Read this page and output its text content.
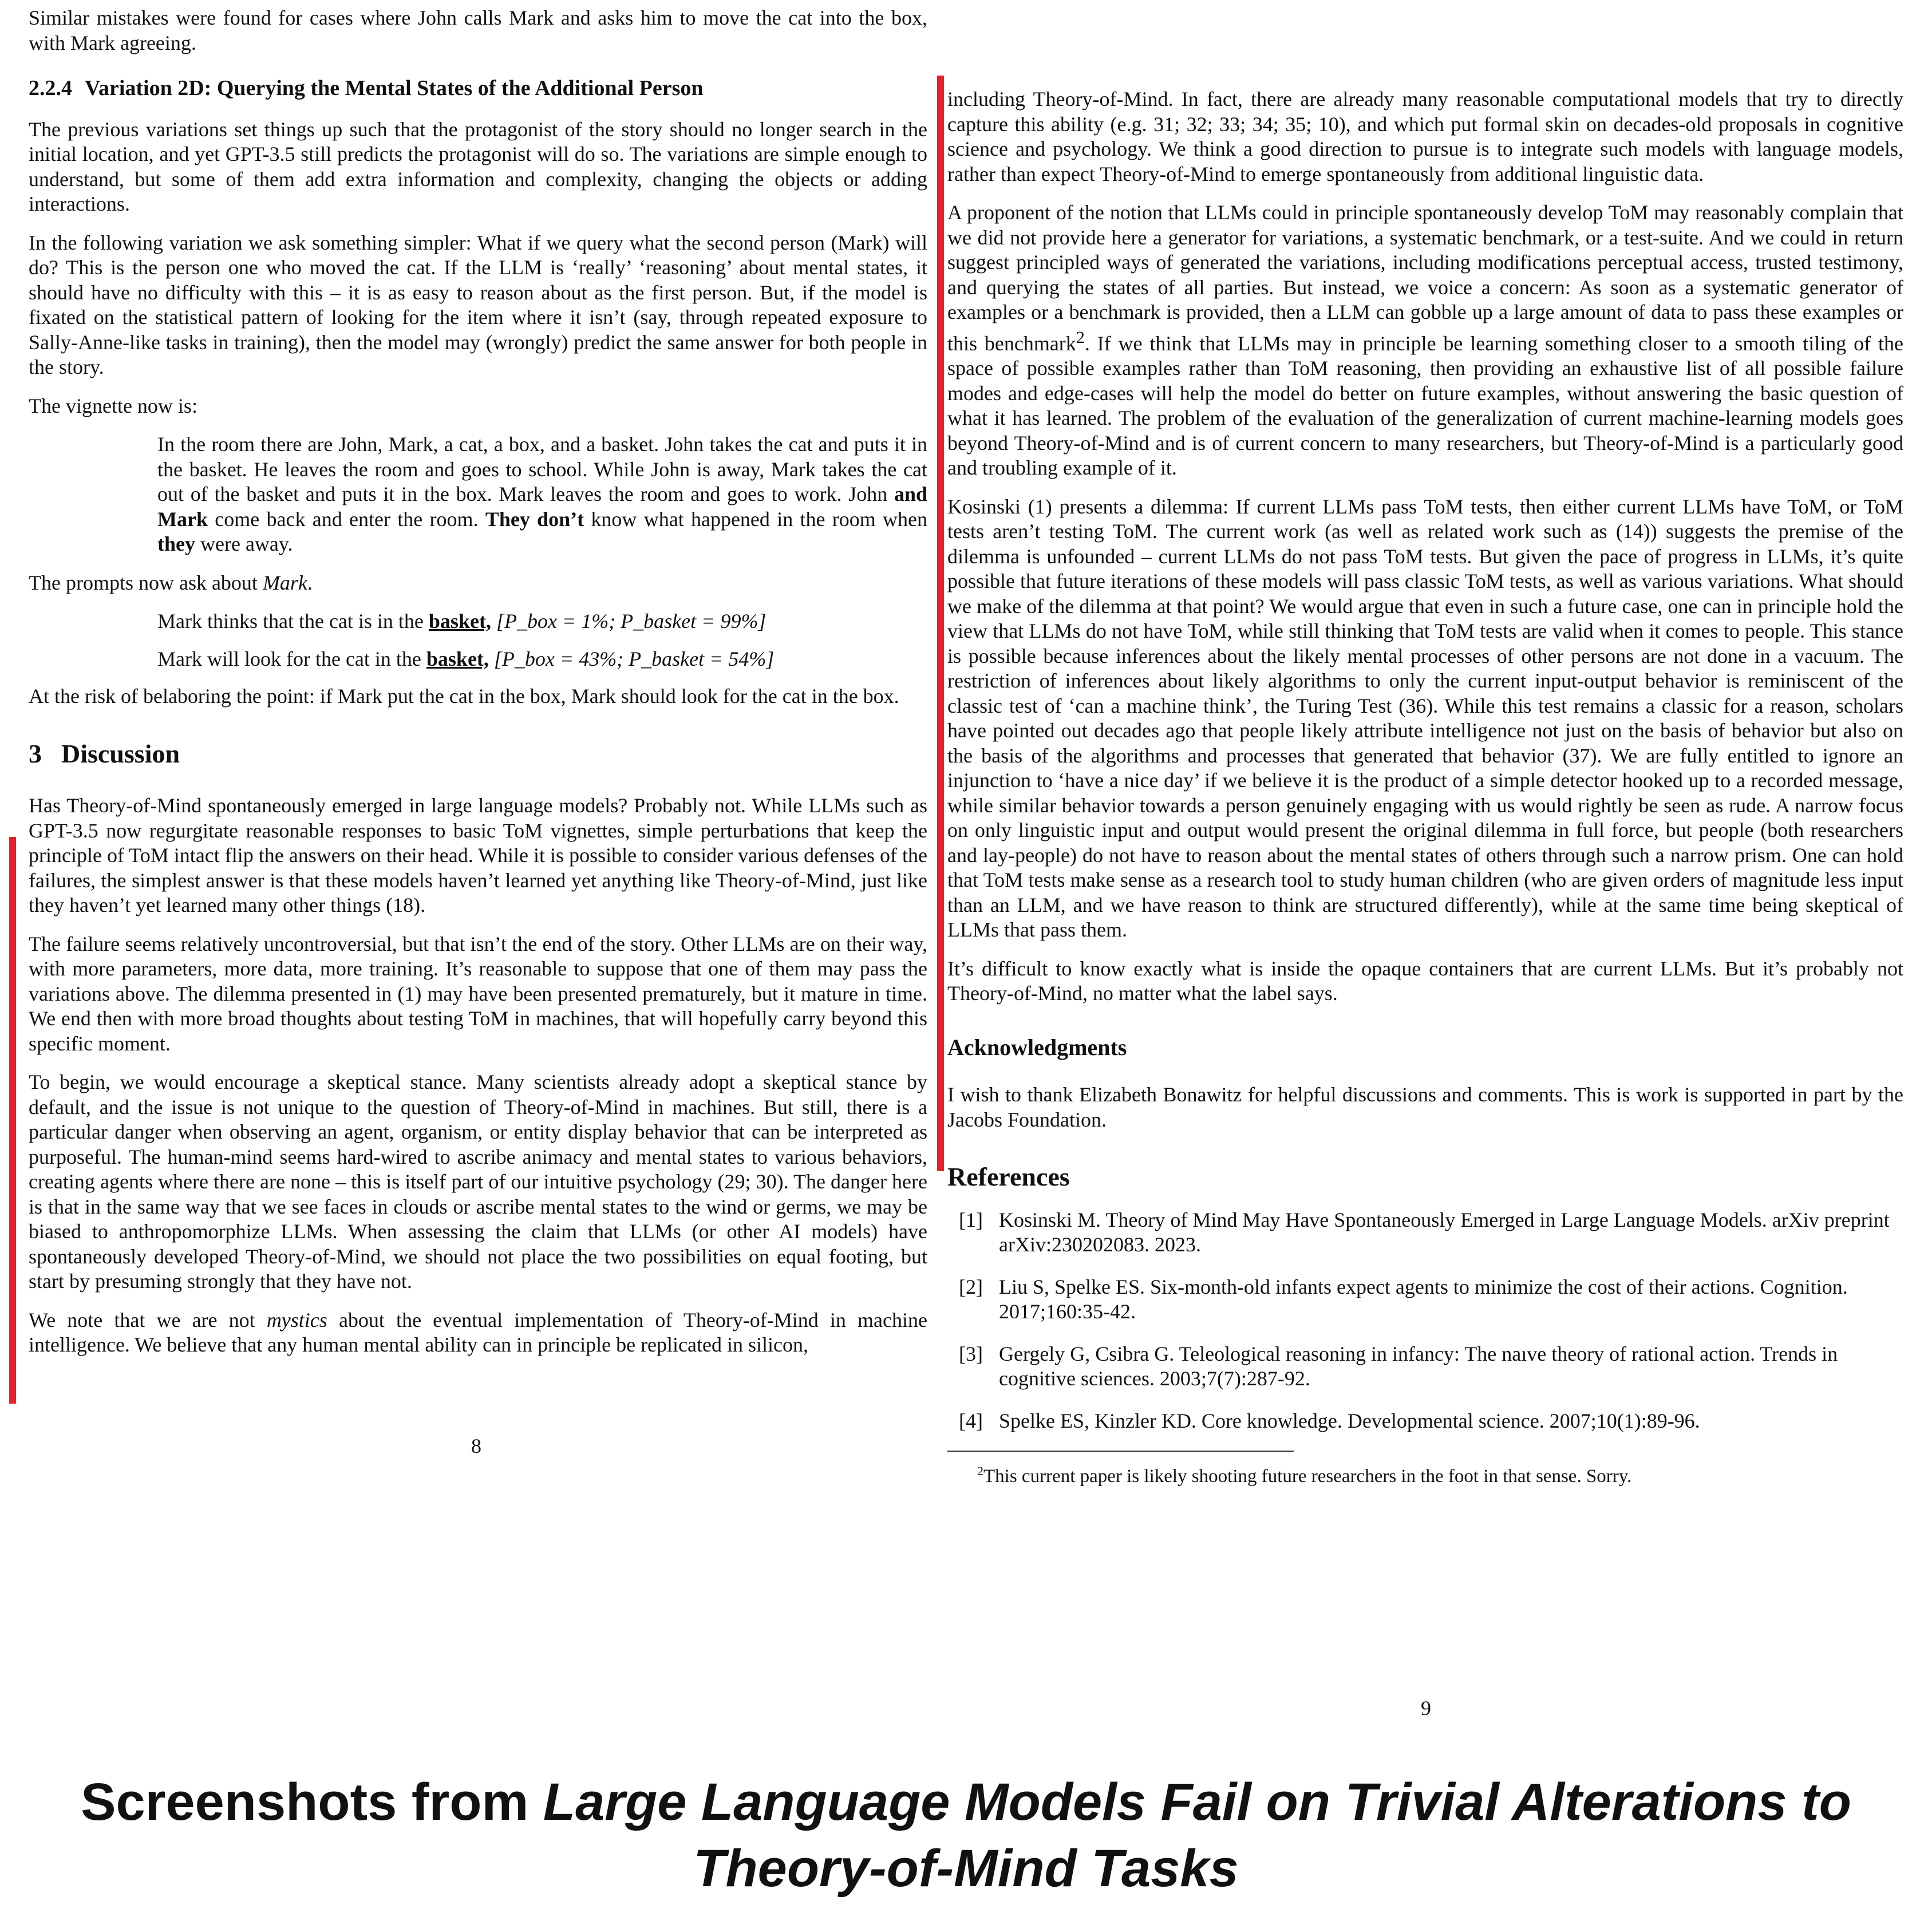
Similar mistakes were found for cases where John calls Mark and asks him to move the cat into the box, with Mark agreeing.

2.2.4 Variation 2D: Querying the Mental States of the Additional Person

The previous variations set things up such that the protagonist of the story should no longer search in the initial location, and yet GPT-3.5 still predicts the protagonist will do so. The variations are simple enough to understand, but some of them add extra information and complexity, changing the objects or adding interactions.

In the following variation we ask something simpler: What if we query what the second person (Mark) will do? This is the person one who moved the cat. If the LLM is ‘really’ ‘reasoning’ about mental states, it should have no difficulty with this – it is as easy to reason about as the first person. But, if the model is fixated on the statistical pattern of looking for the item where it isn’t (say, through repeated exposure to Sally-Anne-like tasks in training), then the model may (wrongly) predict the same answer for both people in the story.

The vignette now is:

In the room there are John, Mark, a cat, a box, and a basket. John takes the cat and puts it in the basket. He leaves the room and goes to school. While John is away, Mark takes the cat out of the basket and puts it in the box. Mark leaves the room and goes to work. John and Mark come back and enter the room. They don’t know what happened in the room when they were away.

The prompts now ask about Mark.

Mark thinks that the cat is in the basket, [P_box = 1%; P_basket = 99%]

Mark will look for the cat in the basket, [P_box = 43%; P_basket = 54%]

At the risk of belaboring the point: if Mark put the cat in the box, Mark should look for the cat in the box.

3 Discussion

Has Theory-of-Mind spontaneously emerged in large language models? Probably not. While LLMs such as GPT-3.5 now regurgitate reasonable responses to basic ToM vignettes, simple perturbations that keep the principle of ToM intact flip the answers on their head. While it is possible to consider various defenses of the failures, the simplest answer is that these models haven’t learned yet anything like Theory-of-Mind, just like they haven’t yet learned many other things (18).

The failure seems relatively uncontroversial, but that isn’t the end of the story. Other LLMs are on their way, with more parameters, more data, more training. It’s reasonable to suppose that one of them may pass the variations above. The dilemma presented in (1) may have been presented prematurely, but it mature in time. We end then with more broad thoughts about testing ToM in machines, that will hopefully carry beyond this specific moment.

To begin, we would encourage a skeptical stance. Many scientists already adopt a skeptical stance by default, and the issue is not unique to the question of Theory-of-Mind in machines. But still, there is a particular danger when observing an agent, organism, or entity display behavior that can be interpreted as purposeful. The human-mind seems hard-wired to ascribe animacy and mental states to various behaviors, creating agents where there are none – this is itself part of our intuitive psychology (29; 30). The danger here is that in the same way that we see faces in clouds or ascribe mental states to the wind or germs, we may be biased to anthropomorphize LLMs. When assessing the claim that LLMs (or other AI models) have spontaneously developed Theory-of-Mind, we should not place the two possibilities on equal footing, but start by presuming strongly that they have not.

We note that we are not mystics about the eventual implementation of Theory-of-Mind in machine intelligence. We believe that any human mental ability can in principle be replicated in silicon,

8

including Theory-of-Mind. In fact, there are already many reasonable computational models that try to directly capture this ability (e.g. 31; 32; 33; 34; 35; 10), and which put formal skin on decades-old proposals in cognitive science and psychology. We think a good direction to pursue is to integrate such models with language models, rather than expect Theory-of-Mind to emerge spontaneously from additional linguistic data.

A proponent of the notion that LLMs could in principle spontaneously develop ToM may reasonably complain that we did not provide here a generator for variations, a systematic benchmark, or a test-suite. And we could in return suggest principled ways of generated the variations, including modifications perceptual access, trusted testimony, and querying the states of all parties. But instead, we voice a concern: As soon as a systematic generator of examples or a benchmark is provided, then a LLM can gobble up a large amount of data to pass these examples or this benchmark$^2$. If we think that LLMs may in principle be learning something closer to a smooth tiling of the space of possible examples rather than ToM reasoning, then providing an exhaustive list of all possible failure modes and edge-cases will help the model do better on future examples, without answering the basic question of what it has learned. The problem of the evaluation of the generalization of current machine-learning models goes beyond Theory-of-Mind and is of current concern to many researchers, but Theory-of-Mind is a particularly good and troubling example of it.

Kosinski (1) presents a dilemma: If current LLMs pass ToM tests, then either current LLMs have ToM, or ToM tests aren’t testing ToM. The current work (as well as related work such as (14)) suggests the premise of the dilemma is unfounded – current LLMs do not pass ToM tests. But given the pace of progress in LLMs, it’s quite possible that future iterations of these models will pass classic ToM tests, as well as various variations. What should we make of the dilemma at that point? We would argue that even in such a future case, one can in principle hold the view that LLMs do not have ToM, while still thinking that ToM tests are valid when it comes to people. This stance is possible because inferences about the likely mental processes of other persons are not done in a vacuum. The restriction of inferences about likely algorithms to only the current input-output behavior is reminiscent of the classic test of ‘can a machine think’, the Turing Test (36). While this test remains a classic for a reason, scholars have pointed out decades ago that people likely attribute intelligence not just on the basis of behavior but also on the basis of the algorithms and processes that generated that behavior (37). We are fully entitled to ignore an injunction to ‘have a nice day’ if we believe it is the product of a simple detector hooked up to a recorded message, while similar behavior towards a person genuinely engaging with us would rightly be seen as rude. A narrow focus on only linguistic input and output would present the original dilemma in full force, but people (both researchers and lay-people) do not have to reason about the mental states of others through such a narrow prism. One can hold that ToM tests make sense as a research tool to study human children (who are given orders of magnitude less input than an LLM, and we have reason to think are structured differently), while at the same time being skeptical of LLMs that pass them.

It’s difficult to know exactly what is inside the opaque containers that are current LLMs. But it’s probably not Theory-of-Mind, no matter what the label says.

Acknowledgments

I wish to thank Elizabeth Bonawitz for helpful discussions and comments. This is work is supported in part by the Jacobs Foundation.

References
[1] Kosinski M. Theory of Mind May Have Spontaneously Emerged in Large Language Models. arXiv preprint arXiv:230202083. 2023.
[2] Liu S, Spelke ES. Six-month-old infants expect agents to minimize the cost of their actions. Cognition. 2017;160:35-42.
[3] Gergely G, Csibra G. Teleological reasoning in infancy: The naıve theory of rational action. Trends in cognitive sciences. 2003;7(7):287-92.
[4] Spelke ES, Kinzler KD. Core knowledge. Developmental science. 2007;10(1):89-96.

$^2$This current paper is likely shooting future researchers in the foot in that sense. Sorry.

9
Screenshots from Large Language Models Fail on Trivial Alterations to
Theory-of-Mind Tasks
